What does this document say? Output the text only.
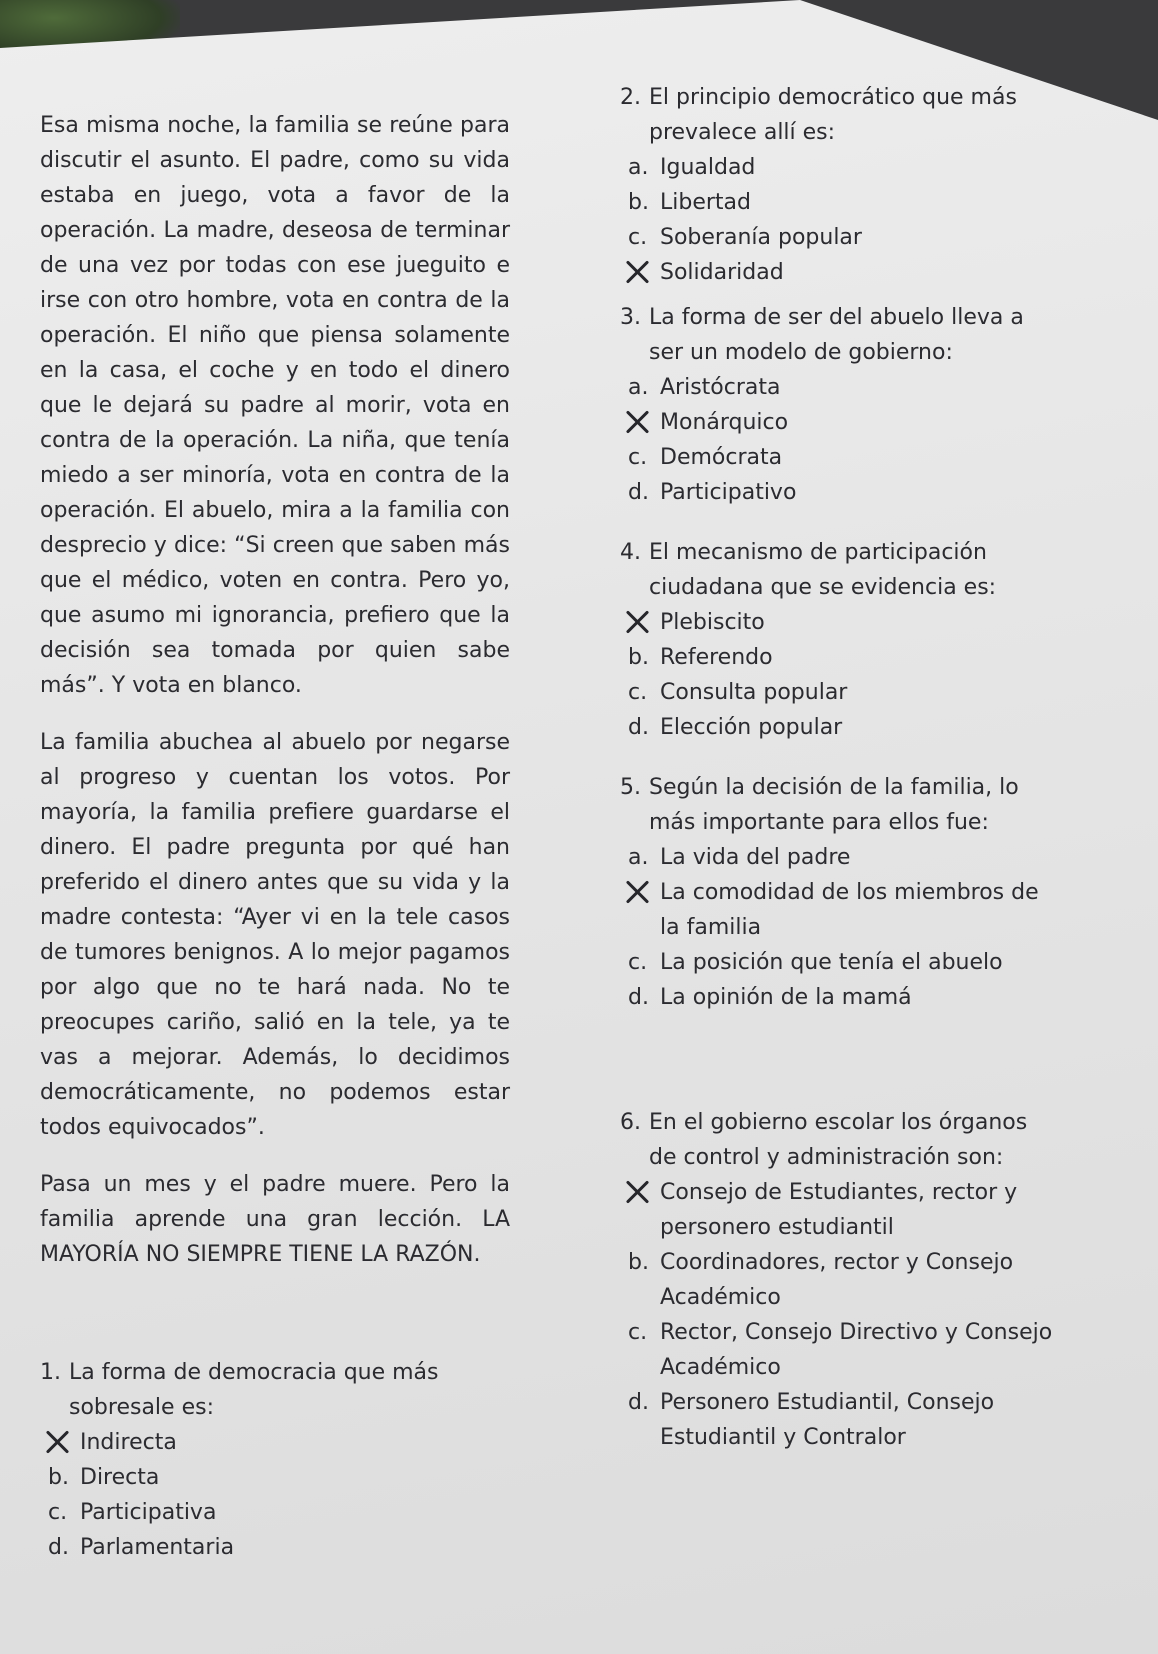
Esa misma noche, la familia se reúne para discutir el asunto. El padre, como su vida estaba en juego, vota a favor de la operación. La madre, deseosa de terminar de una vez por todas con ese jueguito e irse con otro hombre, vota en contra de la operación. El niño que piensa solamente en la casa, el coche y en todo el dinero que le dejará su padre al morir, vota en contra de la operación. La niña, que tenía miedo a ser minoría, vota en contra de la operación. El abuelo, mira a la familia con desprecio y dice: “Si creen que saben más que el médico, voten en contra. Pero yo, que asumo mi ignorancia, prefiero que la decisión sea tomada por quien sabe más”. Y vota en blanco.

La familia abuchea al abuelo por negarse al progreso y cuentan los votos. Por mayoría, la familia prefiere guardarse el dinero. El padre pregunta por qué han preferido el dinero antes que su vida y la madre contesta: “Ayer vi en la tele casos de tumores benignos. A lo mejor pagamos por algo que no te hará nada. No te preocupes cariño, salió en la tele, ya te vas a mejorar. Además, lo decidimos democráticamente, no podemos estar todos equivocados”.

Pasa un mes y el padre muere. Pero la familia aprende una gran lección. LA MAYORÍA NO SIEMPRE TIENE LA RAZÓN.

1. La forma de democracia que más sobresale es:
Indirecta
b. Directa
c. Participativa
d. Parlamentaria
2. El principio democrático que más prevalece allí es:
a. Igualdad
b. Libertad
c. Soberanía popular
Solidaridad
3. La forma de ser del abuelo lleva a ser un modelo de gobierno:
a. Aristócrata
Monárquico
c. Demócrata
d. Participativo
4. El mecanismo de participación ciudadana que se evidencia es:
Plebiscito
b. Referendo
c. Consulta popular
d. Elección popular
5. Según la decisión de la familia, lo más importante para ellos fue:
a. La vida del padre
La comodidad de los miembros de la familia
c. La posición que tenía el abuelo
d. La opinión de la mamá
6. En el gobierno escolar los órganos de control y administración son:
Consejo de Estudiantes, rector y personero estudiantil
b. Coordinadores, rector y Consejo Académico
c. Rector, Consejo Directivo y Consejo Académico
d. Personero Estudiantil, Consejo Estudiantil y Contralor
